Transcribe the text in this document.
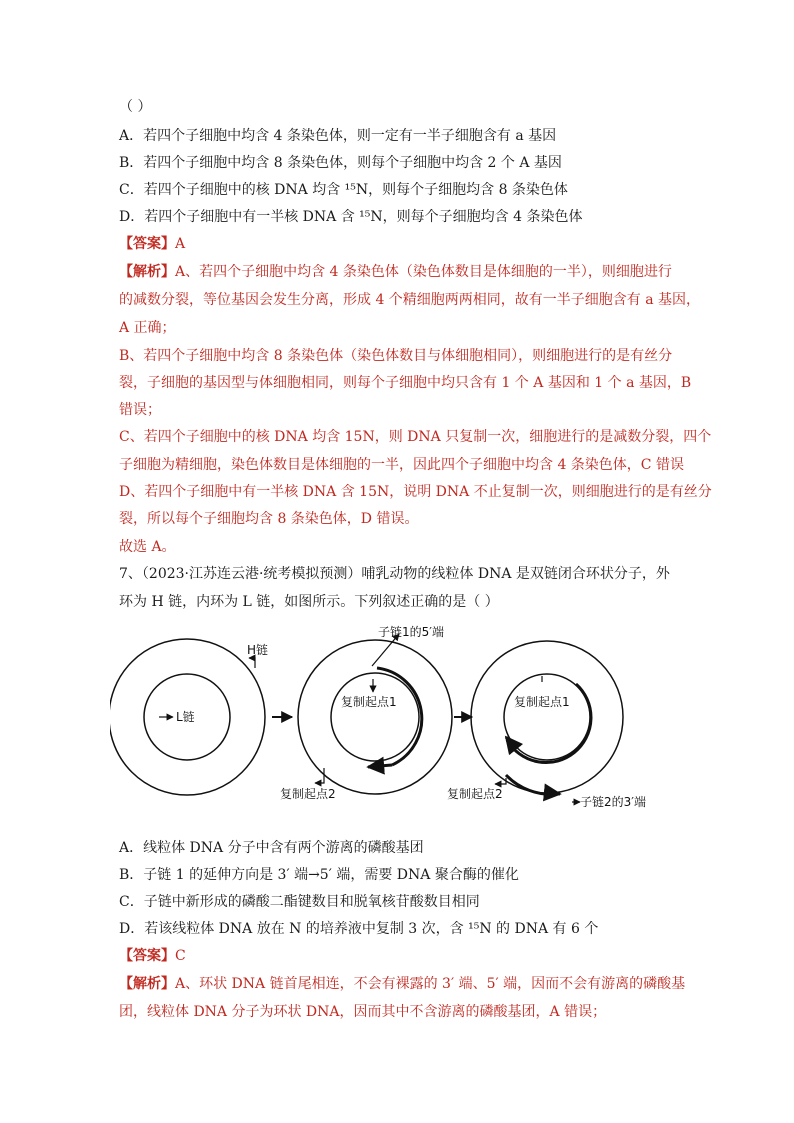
（ ）
A．若四个子细胞中均含 4 条染色体，则一定有一半子细胞含有 a 基因
B．若四个子细胞中均含 8 条染色体，则每个子细胞中均含 2 个 A 基因
C．若四个子细胞中的核 DNA 均含 ¹⁵N，则每个子细胞均含 8 条染色体
D．若四个子细胞中有一半核 DNA 含 ¹⁵N，则每个子细胞均含 4 条染色体
【答案】A
【解析】A、若四个子细胞中均含 4 条染色体（染色体数目是体细胞的一半），则细胞进行
的减数分裂，等位基因会发生分离，形成 4 个精细胞两两相同，故有一半子细胞含有 a 基因，
A 正确；
B、若四个子细胞中均含 8 条染色体（染色体数目与体细胞相同），则细胞进行的是有丝分
裂，子细胞的基因型与体细胞相同，则每个子细胞中均只含有 1 个 A 基因和 1 个 a 基因，B
错误；
C、若四个子细胞中的核 DNA 均含 15N，则 DNA 只复制一次，细胞进行的是减数分裂，四个
子细胞为精细胞，染色体数目是体细胞的一半，因此四个子细胞中均含 4 条染色体，C 错误
D、若四个子细胞中有一半核 DNA 含 15N，说明 DNA 不止复制一次，则细胞进行的是有丝分
裂，所以每个子细胞均含 8 条染色体，D 错误。
故选 A。
7、（2023·江苏连云港·统考模拟预测）哺乳动物的线粒体 DNA 是双链闭合环状分子，外
环为 H 链，内环为 L 链，如图所示。下列叙述正确的是（ ）
H链
L链
子链1的5′端
复制起点1
复制起点2
子链2的3′端
复制起点1
复制起点2
A．线粒体 DNA 分子中含有两个游离的磷酸基团
B．子链 1 的延伸方向是 3′ 端→5′ 端，需要 DNA 聚合酶的催化
C．子链中新形成的磷酸二酯键数目和脱氧核苷酸数目相同
D．若该线粒体 DNA 放在 N 的培养液中复制 3 次，含 ¹⁵N 的 DNA 有 6 个
【答案】C
【解析】A、环状 DNA 链首尾相连，不会有裸露的 3′ 端、5′ 端，因而不会有游离的磷酸基
团，线粒体 DNA 分子为环状 DNA，因而其中不含游离的磷酸基团，A 错误；
